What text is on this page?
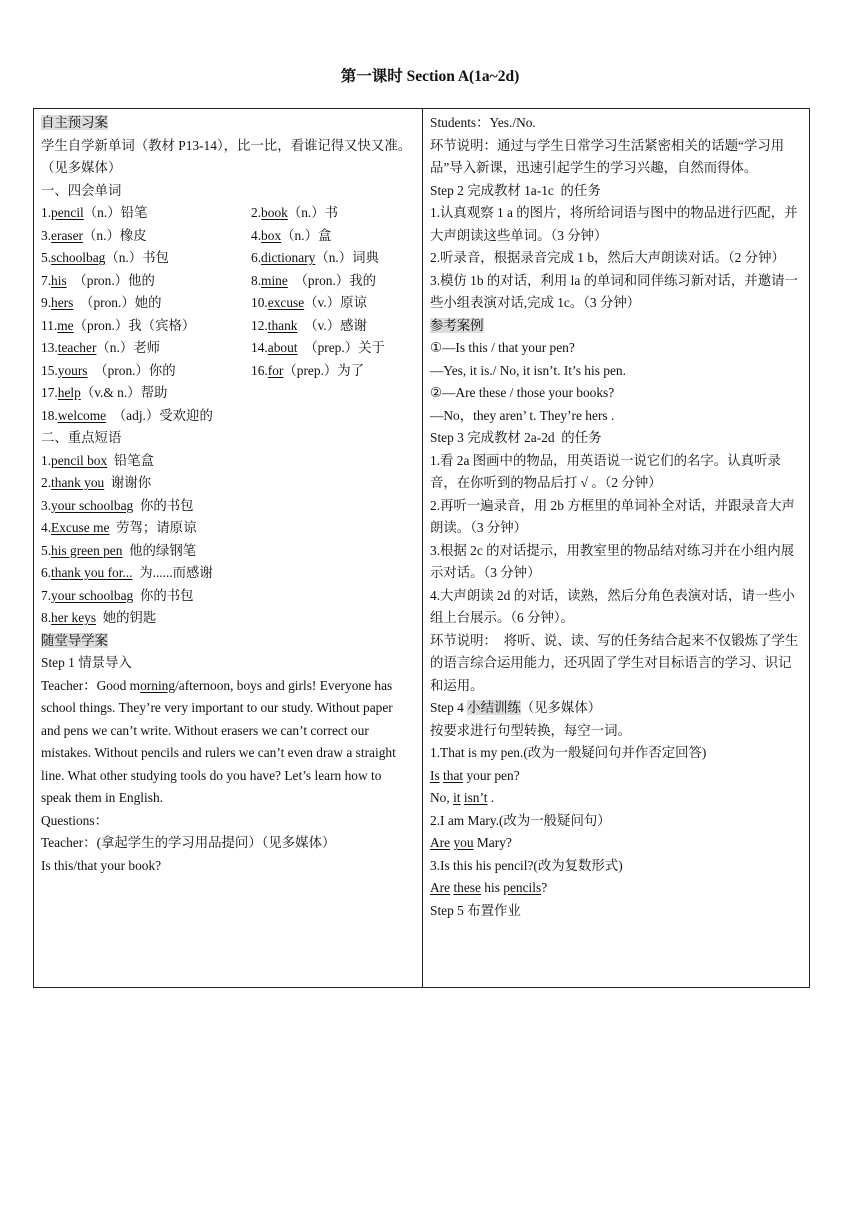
第一课时 Section A(1a~2d)
自主预习案
学生自学新单词（教材 P13-14），比一比，看谁记得又快又准。（见多媒体）
一、四会单词
1.pencil（n.）铅笔	2.book（n.）书
3.eraser（n.）橡皮	4.box（n.）盒
5.schoolbag（n.）书包	6.dictionary（n.）词典
7.his  （pron.）他的	8.mine  （pron.）我的
9.hers  （pron.）她的	10.excuse（v.）原谅
11.me（pron.）我（宾格）	12.thank  （v.）感谢
13.teacher（n.）老师	14.about  （prep.）关于
15.yours  （pron.）你的	16.for（prep.）为了
17.help（v.& n.）帮助
18.welcome  （adj.）受欢迎的
二、重点短语
1.pencil box  铅笔盒
2.thank you  谢谢你
3.your schoolbag  你的书包
4.Excuse me  劳驾；请原谅
5.his green pen  他的绿钢笔
6.thank you for...  为......而感谢
7.your schoolbag  你的书包
8.her keys  她的钥匙
随堂导学案
Step 1 情景导入
Teacher：Good morning/afternoon, boys and girls! Everyone has school things. They’re very important to our study. Without paper and pens we can’t write. Without erasers we can’t correct our mistakes. Without pencils and rulers we can’t even draw a straight line. What other studying tools do you have? Let’s learn how to speak them in English.
Questions：
Teacher：(拿起学生的学习用品提问）（见多媒体）
Is this/that your book?
Students：Yes./No.
环节说明：通过与学生日常学习生活紧密相关的话题“学习用品”导入新课，迅速引起学生的学习兴趣，自然而得体。
Step 2 完成教材 1a-1c  的任务
1.认真观察 1 a 的图片，将所给词语与图中的物品进行匹配，并大声朗读这些单词。（3 分钟）
2.听录音，根据录音完成 1 b，然后大声朗读对话。（2 分钟）
3.模仿 1b 的对话，利用 la 的单词和同伴练习新对话，并邀请一些小组表演对话,完成 1c。（3 分钟）
参考案例
①—Is this / that your pen?
—Yes, it is./ No, it isn’t. It’s his pen.
②—Are these / those your books?
—No，they aren’ t. They’re hers .
Step 3 完成教材 2a-2d  的任务
1.看 2a 图画中的物品，用英语说一说它们的名字。认真听录音，在你听到的物品后打 √ 。（2 分钟）
2.再听一遍录音，用 2b 方框里的单词补全对话，并跟录音大声朗读。（3 分钟）
3.根据 2c 的对话提示，用教室里的物品结对练习并在小组内展示对话。（3 分钟）
4.大声朗读 2d 的对话，读熟，然后分角色表演对话，请一些小组上台展示。（6 分钟）。
环节说明：  将听、说、读、写的任务结合起来不仅锻炼了学生的语言综合运用能力，还巩固了学生对目标语言的学习、识记和运用。
Step 4 小结训练（见多媒体）
按要求进行句型转换，每空一词。
1.That is my pen.(改为一般疑问句并作否定回答)
Is that your pen?
No, it isn’t .
2.I am Mary.(改为一般疑问句）
Are you Mary?
3.Is this his pencil?(改为复数形式)
Are these his pencils?
Step 5 布置作业
